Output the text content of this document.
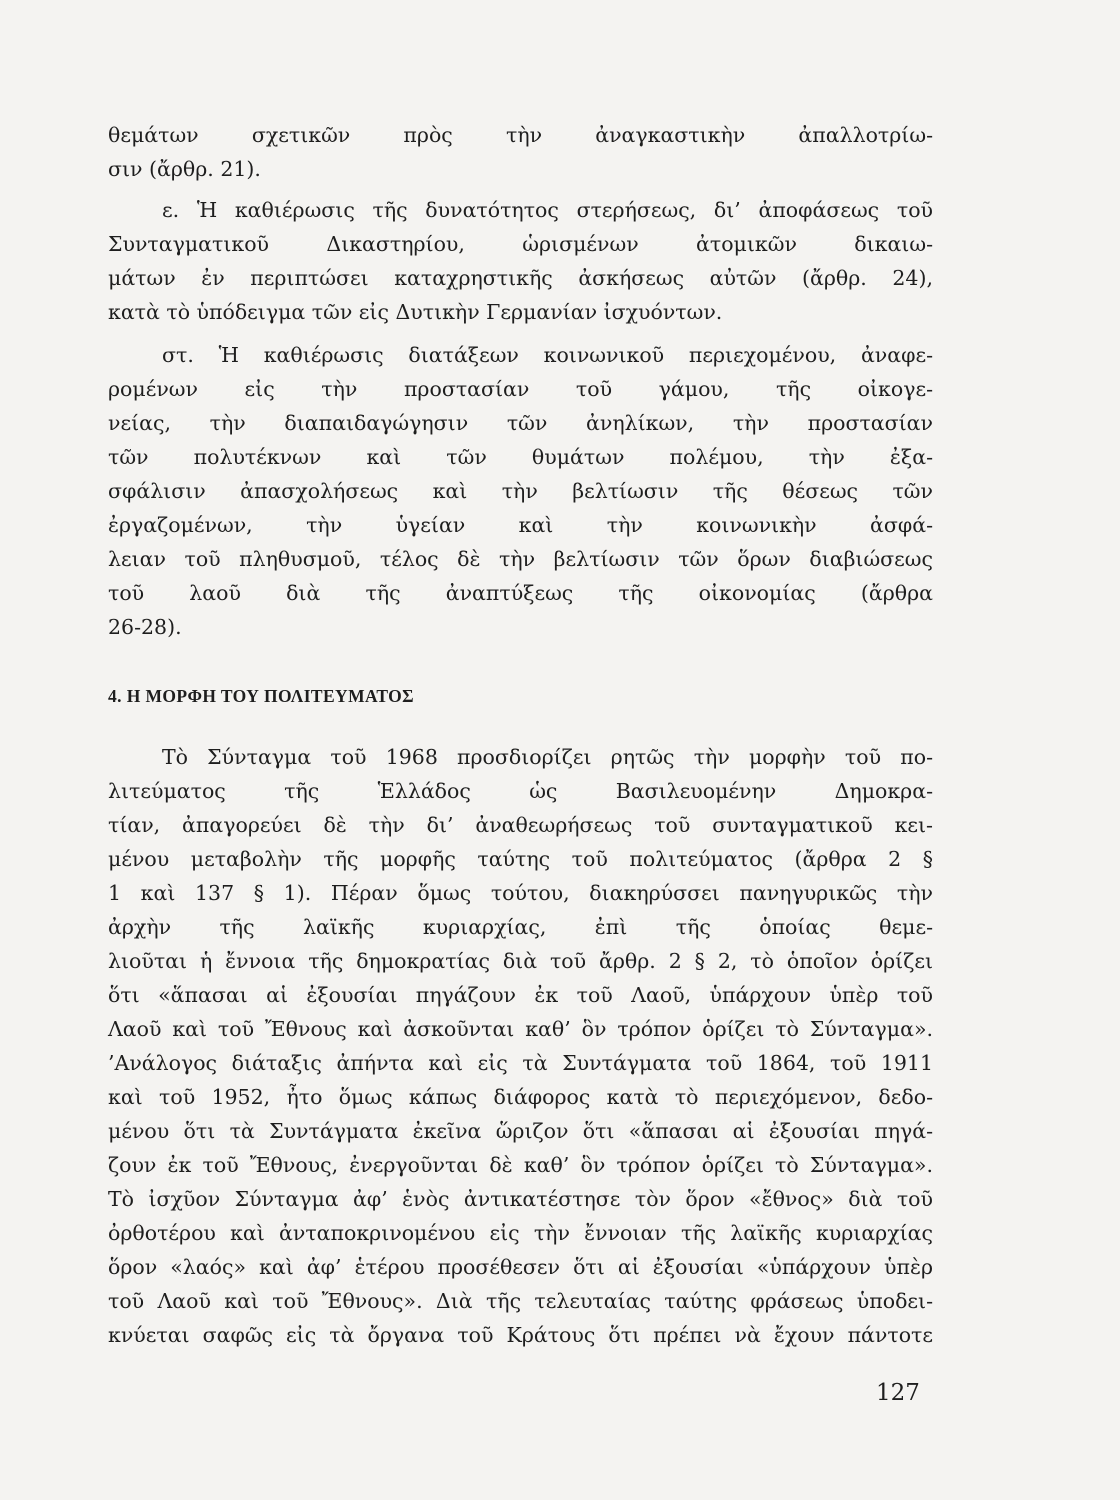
θεμάτων σχετικῶν πρὸς τὴν ἀναγκαστικὴν ἀπαλλοτρίω-
σιν (ἄρθρ. 21).
ε. Ἡ καθιέρωσις τῆς δυνατότητος στερήσεως, δι’ ἀποφάσεως τοῦ
Συνταγματικοῦ Δικαστηρίου, ὡρισμένων ἀτομικῶν δικαιω-
μάτων ἐν περιπτώσει καταχρηστικῆς ἀσκήσεως αὐτῶν (ἄρθρ. 24),
κατὰ τὸ ὑπόδειγμα τῶν εἰς Δυτικὴν Γερμανίαν ἰσχυόντων.
στ. Ἡ καθιέρωσις διατάξεων κοινωνικοῦ περιεχομένου, ἀναφε-
ρομένων εἰς τὴν προστασίαν τοῦ γάμου, τῆς οἰκογε-
νείας, τὴν διαπαιδαγώγησιν τῶν ἀνηλίκων, τὴν προστασίαν
τῶν πολυτέκνων καὶ τῶν θυμάτων πολέμου, τὴν ἐξα-
σφάλισιν ἀπασχολήσεως καὶ τὴν βελτίωσιν τῆς θέσεως τῶν
ἐργαζομένων, τὴν ὑγείαν καὶ τὴν κοινωνικὴν ἀσφά-
λειαν τοῦ πληθυσμοῦ, τέλος δὲ τὴν βελτίωσιν τῶν ὅρων διαβιώσεως
τοῦ λαοῦ διὰ τῆς ἀναπτύξεως τῆς οἰκονομίας (ἄρθρα
26-28).
4. Η ΜΟΡΦΗ ΤΟΥ ΠΟΛΙΤΕΥΜΑΤΟΣ
Τὸ Σύνταγμα τοῦ 1968 προσδιορίζει ρητῶς τὴν μορφὴν τοῦ πο-
λιτεύματος τῆς Ἑλλάδος ὡς Βασιλευομένην Δημοκρα-
τίαν, ἀπαγορεύει δὲ τὴν δι’ ἀναθεωρήσεως τοῦ συνταγματικοῦ κει-
μένου μεταβολὴν τῆς μορφῆς ταύτης τοῦ πολιτεύματος (ἄρθρα 2 §
1 καὶ 137 § 1). Πέραν ὅμως τούτου, διακηρύσσει πανηγυρικῶς τὴν
ἀρχὴν τῆς λαϊκῆς κυριαρχίας, ἐπὶ τῆς ὁποίας θεμε-
λιοῦται ἡ ἔννοια τῆς δημοκρατίας διὰ τοῦ ἄρθρ. 2 § 2, τὸ ὁποῖον ὁρίζει
ὅτι «ἅπασαι αἱ ἐξουσίαι πηγάζουν ἐκ τοῦ Λαοῦ, ὑπάρχουν ὑπὲρ τοῦ
Λαοῦ καὶ τοῦ Ἔθνους καὶ ἀσκοῦνται καθ’ ὃν τρόπον ὁρίζει τὸ Σύνταγμα».
’Ανάλογος διάταξις ἀπήντα καὶ εἰς τὰ Συντάγματα τοῦ 1864, τοῦ 1911
καὶ τοῦ 1952, ἦτο ὅμως κάπως διάφορος κατὰ τὸ περιεχόμενον, δεδο-
μένου ὅτι τὰ Συντάγματα ἐκεῖνα ὥριζον ὅτι «ἅπασαι αἱ ἐξουσίαι πηγά-
ζουν ἐκ τοῦ Ἔθνους, ἐνεργοῦνται δὲ καθ’ ὃν τρόπον ὁρίζει τὸ Σύνταγμα».
Τὸ ἰσχῦον Σύνταγμα ἀφ’ ἑνὸς ἀντικατέστησε τὸν ὅρον «ἔθνος» διὰ τοῦ
ὀρθοτέρου καὶ ἀνταποκρινομένου εἰς τὴν ἔννοιαν τῆς λαϊκῆς κυριαρχίας
ὅρον «λαός» καὶ ἀφ’ ἑτέρου προσέθεσεν ὅτι αἱ ἐξουσίαι «ὑπάρχουν ὑπὲρ
τοῦ Λαοῦ καὶ τοῦ Ἔθνους». Διὰ τῆς τελευταίας ταύτης φράσεως ὑποδει-
κνύεται σαφῶς εἰς τὰ ὄργανα τοῦ Κράτους ὅτι πρέπει νὰ ἔχουν πάντοτε
127
